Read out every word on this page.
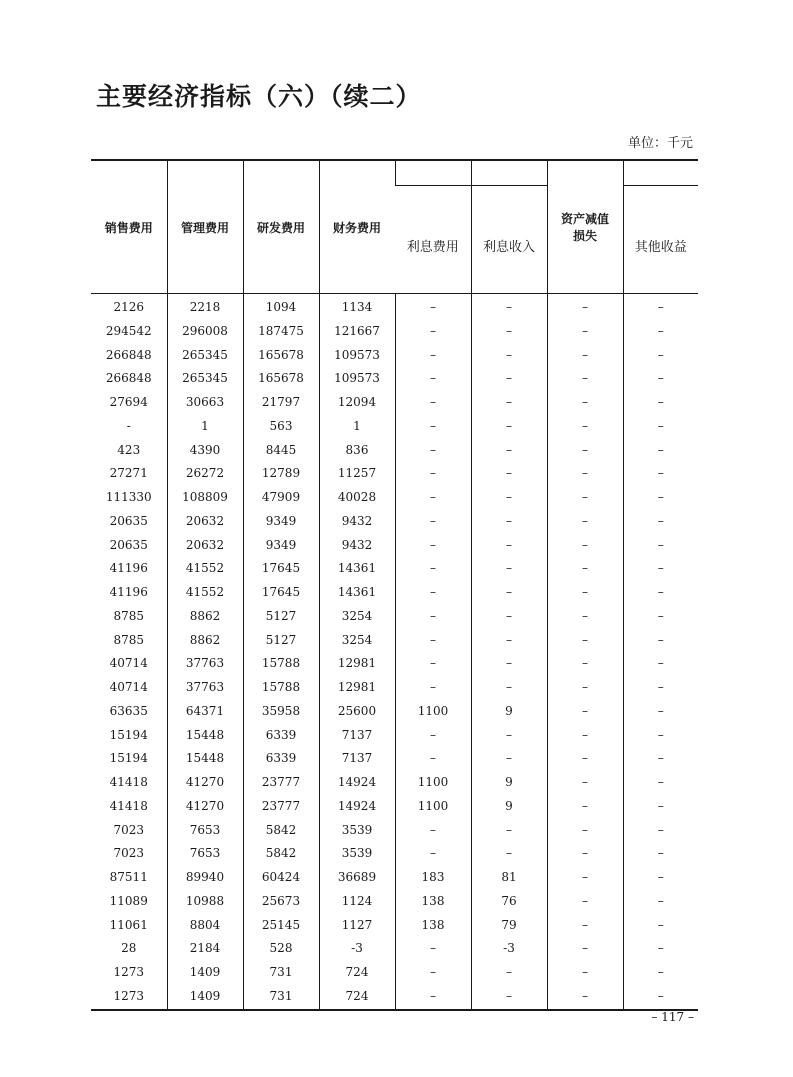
主要经济指标（六）（续二）
单位：千元
销售费用	管理费用	研发费用	财务费用			资产减值
损失	
				利息费用	利息收入		其他收益
2126	2218	1094	1134	–	–	–	–
294542	296008	187475	121667	–	–	–	–
266848	265345	165678	109573	–	–	–	–
266848	265345	165678	109573	–	–	–	–
27694	30663	21797	12094	–	–	–	–
-	1	563	1	–	–	–	–
423	4390	8445	836	–	–	–	–
27271	26272	12789	11257	–	–	–	–
111330	108809	47909	40028	–	–	–	–
20635	20632	9349	9432	–	–	–	–
20635	20632	9349	9432	–	–	–	–
41196	41552	17645	14361	–	–	–	–
41196	41552	17645	14361	–	–	–	–
8785	8862	5127	3254	–	–	–	–
8785	8862	5127	3254	–	–	–	–
40714	37763	15788	12981	–	–	–	–
40714	37763	15788	12981	–	–	–	–
63635	64371	35958	25600	1100	9	–	–
15194	15448	6339	7137	–	–	–	–
15194	15448	6339	7137	–	–	–	–
41418	41270	23777	14924	1100	9	–	–
41418	41270	23777	14924	1100	9	–	–
7023	7653	5842	3539	–	–	–	–
7023	7653	5842	3539	–	–	–	–
87511	89940	60424	36689	183	81	–	–
11089	10988	25673	1124	138	76	–	–
11061	8804	25145	1127	138	79	–	–
28	2184	528	-3	–	-3	–	–
1273	1409	731	724	–	–	–	–
1273	1409	731	724	–	–	–	–
– 117 –
